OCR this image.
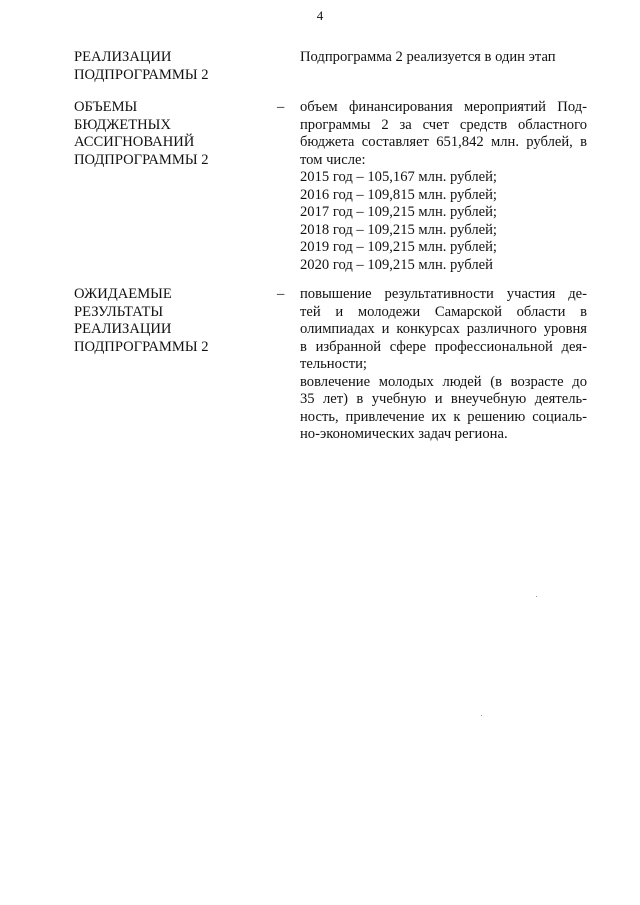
4
РЕАЛИЗАЦИИ
ПОДПРОГРАММЫ 2
Подпрограмма 2 реализуется в один этап
ОБЪЕМЫ
БЮДЖЕТНЫХ
АССИГНОВАНИЙ
ПОДПРОГРАММЫ 2
–	объем финансирования мероприятий Под-
программы 2 за счет средств областного
бюджета составляет 651,842 млн. рублей, в
том числе:
2015 год – 105,167 млн. рублей;
2016 год – 109,815 млн. рублей;
2017 год – 109,215 млн. рублей;
2018 год – 109,215 млн. рублей;
2019 год – 109,215 млн. рублей;
2020 год – 109,215 млн. рублей
ОЖИДАЕМЫЕ
РЕЗУЛЬТАТЫ
РЕАЛИЗАЦИИ
ПОДПРОГРАММЫ 2
–	повышение результативности участия де-
тей и молодежи Самарской области в
олимпиадах и конкурсах различного уровня
в избранной сфере профессиональной дея-
тельности;
вовлечение молодых людей (в возрасте до
35 лет) в учебную и внеучебную деятель-
ность, привлечение их к решению социаль-
но-экономических задач региона.
